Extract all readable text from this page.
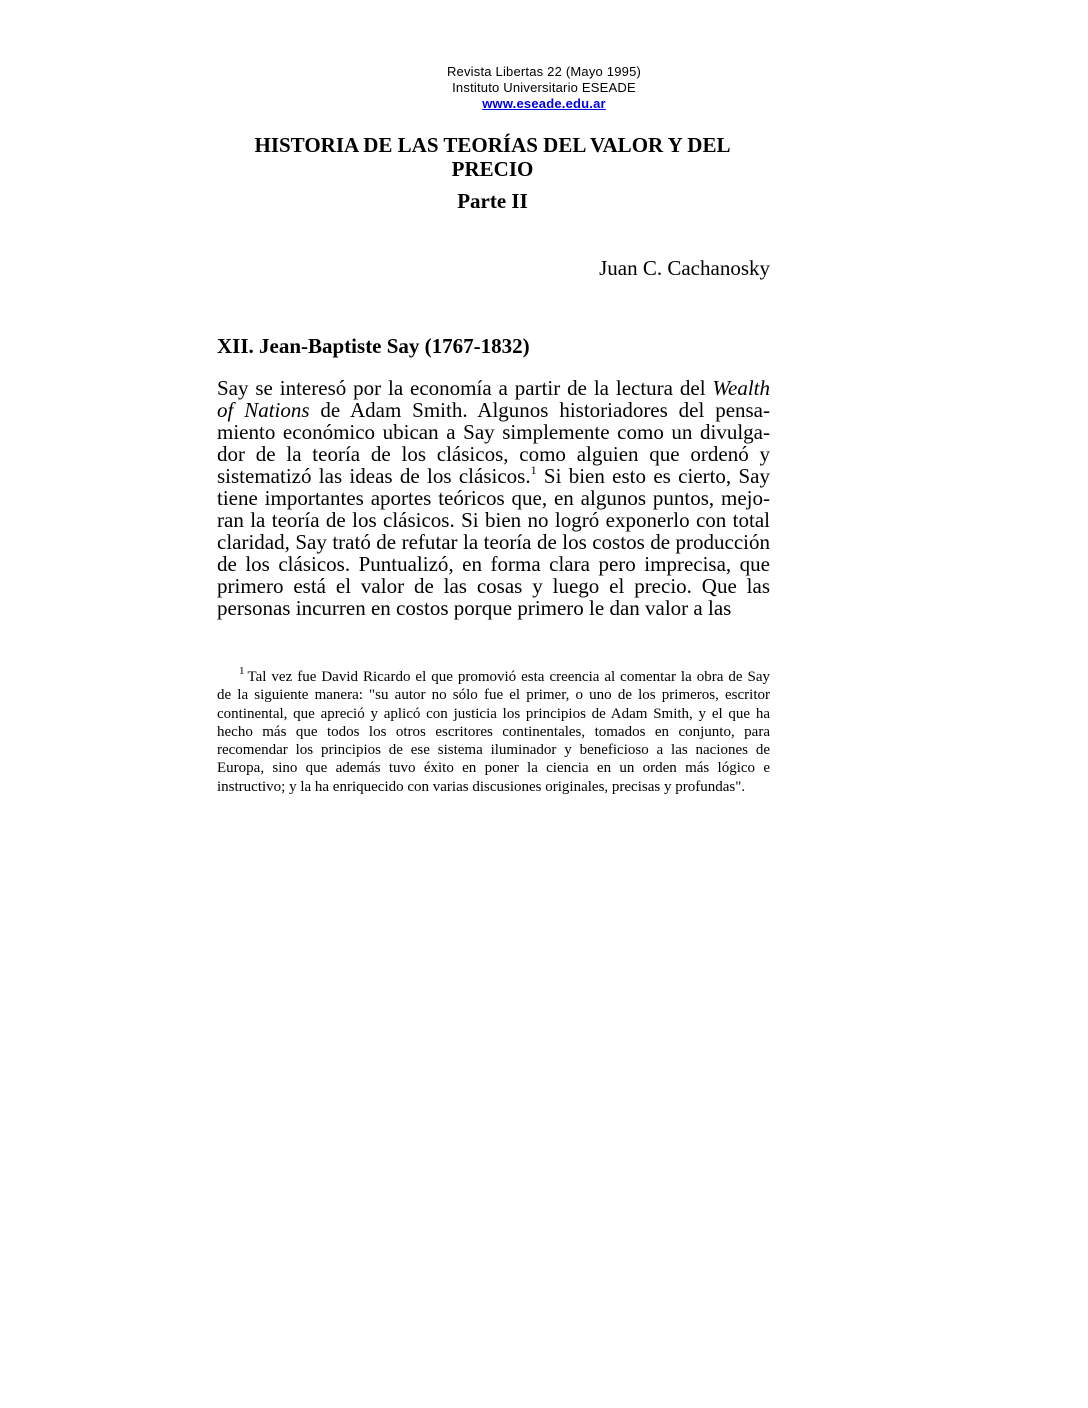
Revista Libertas 22 (Mayo 1995)
Instituto Universitario ESEADE
www.eseade.edu.ar
HISTORIA DE LAS TEORÍAS DEL VALOR Y DEL PRECIO
Parte II
Juan C. Cachanosky
XII. Jean-Baptiste Say (1767-1832)
Say se interesó por la economía a partir de la lectura del Wealth
of Nations de Adam Smith. Algunos historiadores del pensa-
miento económico ubican a Say simplemente como un divulga-
dor de la teoría de los clásicos, como alguien que ordenó y
sistematizó las ideas de los clásicos.$^1$ Si bien esto es cierto, Say
tiene importantes aportes teóricos que, en algunos puntos, mejo-
ran la teoría de los clásicos. Si bien no logró exponerlo con total
claridad, Say trató de refutar la teoría de los costos de producción
de los clásicos. Puntualizó, en forma clara pero imprecisa, que
primero está el valor de las cosas y luego el precio. Que las
personas incurren en costos porque primero le dan valor a las
$^1$ Tal vez fue David Ricardo el que promovió esta creencia al comentar la obra de Say
de la siguiente manera: "su autor no sólo fue el primer, o uno de los primeros, escritor
continental, que apreció y aplicó con justicia los principios de Adam Smith, y el que ha
hecho más que todos los otros escritores continentales, tomados en conjunto, para
recomendar los principios de ese sistema iluminador y beneficioso a las naciones de
Europa, sino que además tuvo éxito en poner la ciencia en un orden más lógico e
instructivo; y la ha enriquecido con varias discusiones originales, precisas y profundas".
